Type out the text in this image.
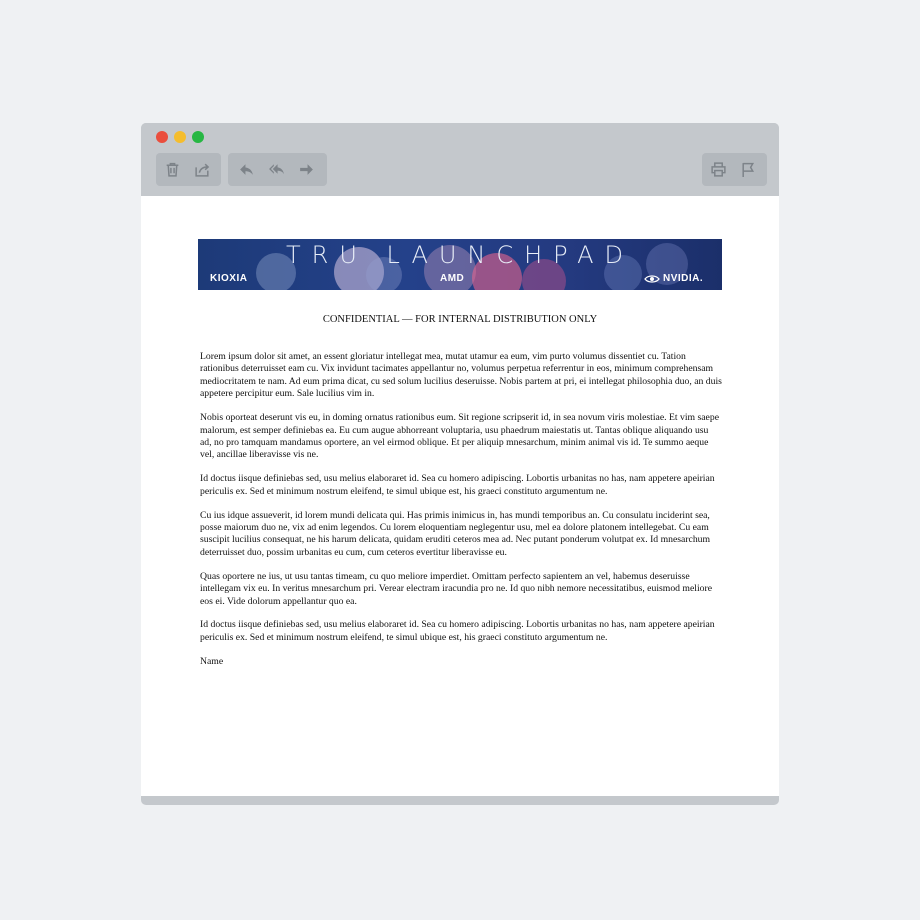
TRU LAUNCHPAD
KIOXIA	AMD	NVIDIA.
CONFIDENTIAL — FOR INTERNAL DISTRIBUTION ONLY

Lorem ipsum dolor sit amet, an essent gloriatur intellegat mea, mutat utamur ea eum, vim purto volumus dissentiet cu. Tation rationibus deterruisset eam cu. Vix invidunt tacimates appellantur no, volumus perpetua referrentur in eos, minimum comprehensam mediocritatem te nam. Ad eum prima dicat, cu sed solum lucilius deseruisse. Nobis partem at pri, ei intellegat philosophia duo, an duis appetere percipitur eum. Sale lucilius vim in.

Nobis oporteat deserunt vis eu, in doming ornatus rationibus eum. Sit regione scripserit id, in sea novum viris molestiae. Et vim saepe malorum, est semper definiebas ea. Eu cum augue abhorreant voluptaria, usu phaedrum maiestatis ut. Tantas oblique aliquando usu ad, no pro tamquam mandamus oportere, an vel eirmod oblique. Et per aliquip mnesarchum, minim animal vis id. Te summo aeque vel, ancillae liberavisse vis ne.

Id doctus iisque definiebas sed, usu melius elaboraret id. Sea cu homero adipiscing. Lobortis urbanitas no has, nam appetere apeirian periculis ex. Sed et minimum nostrum eleifend, te simul ubique est, his graeci constituto argumentum ne.

Cu ius idque assueverit, id lorem mundi delicata qui. Has primis inimicus in, has mundi temporibus an. Cu consulatu inciderint sea, posse maiorum duo ne, vix ad enim legendos. Cu lorem eloquentiam neglegentur usu, mel ea dolore platonem intellegebat. Cu eam suscipit lucilius consequat, ne his harum delicata, quidam eruditi ceteros mea ad. Nec putant ponderum volutpat ex. Id mnesarchum deterruisset duo, possim urbanitas eu cum, cum ceteros evertitur liberavisse eu.

Quas oportere ne ius, ut usu tantas timeam, cu quo meliore imperdiet. Omittam perfecto sapientem an vel, habemus deseruisse intellegam vix eu. In veritus mnesarchum pri. Verear electram iracundia pro ne. Id quo nibh nemore necessitatibus, euismod meliore eos ei. Vide dolorum appellantur quo ea.

Id doctus iisque definiebas sed, usu melius elaboraret id. Sea cu homero adipiscing. Lobortis urbanitas no has, nam appetere apeirian periculis ex. Sed et minimum nostrum eleifend, te simul ubique est, his graeci constituto argumentum ne.

Name
